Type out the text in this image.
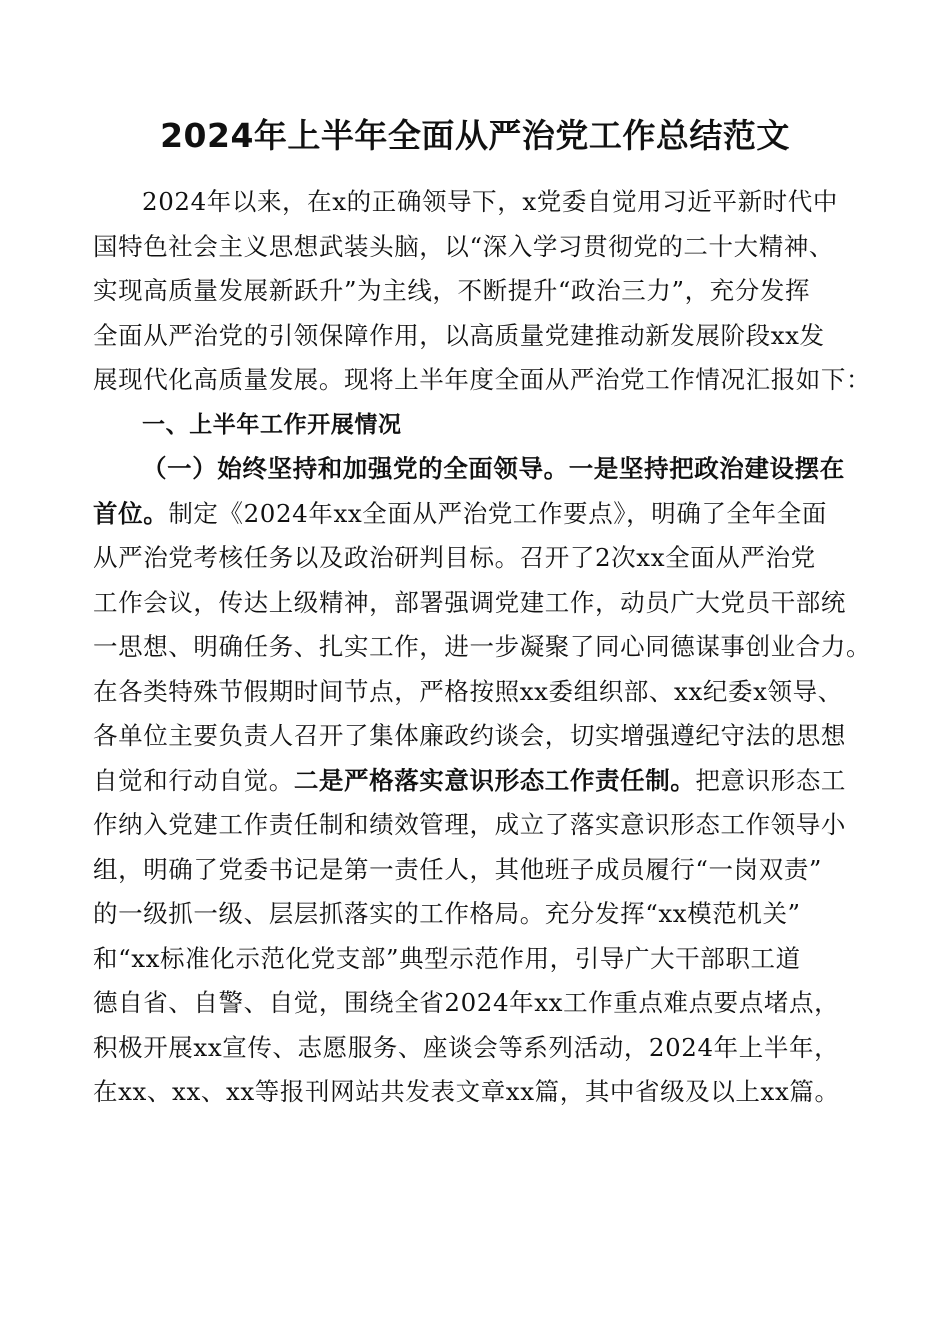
2024年上半年全面从严治党工作总结范文
2024年以来，在x的正确领导下，x党委自觉用习近平新时代中
国特色社会主义思想武装头脑，以“深入学习贯彻党的二十大精神、
实现高质量发展新跃升”为主线，不断提升“政治三力”，充分发挥
全面从严治党的引领保障作用，以高质量党建推动新发展阶段xx发
展现代化高质量发展。现将上半年度全面从严治党工作情况汇报如下：
一、上半年工作开展情况
（一）始终坚持和加强党的全面领导。一是坚持把政治建设摆在
首位。制定《2024年xx全面从严治党工作要点》，明确了全年全面
从严治党考核任务以及政治研判目标。召开了2次xx全面从严治党
工作会议，传达上级精神，部署强调党建工作，动员广大党员干部统
一思想、明确任务、扎实工作，进一步凝聚了同心同德谋事创业合力。
在各类特殊节假期时间节点，严格按照xx委组织部、xx纪委x领导、
各单位主要负责人召开了集体廉政约谈会，切实增强遵纪守法的思想
自觉和行动自觉。二是严格落实意识形态工作责任制。把意识形态工
作纳入党建工作责任制和绩效管理，成立了落实意识形态工作领导小
组，明确了党委书记是第一责任人，其他班子成员履行“一岗双责”
的一级抓一级、层层抓落实的工作格局。充分发挥“xx模范机关”
和“xx标准化示范化党支部”典型示范作用，引导广大干部职工道
德自省、自警、自觉，围绕全省2024年xx工作重点难点要点堵点，
积极开展xx宣传、志愿服务、座谈会等系列活动，2024年上半年，
在xx、xx、xx等报刊网站共发表文章xx篇，其中省级及以上xx篇。
